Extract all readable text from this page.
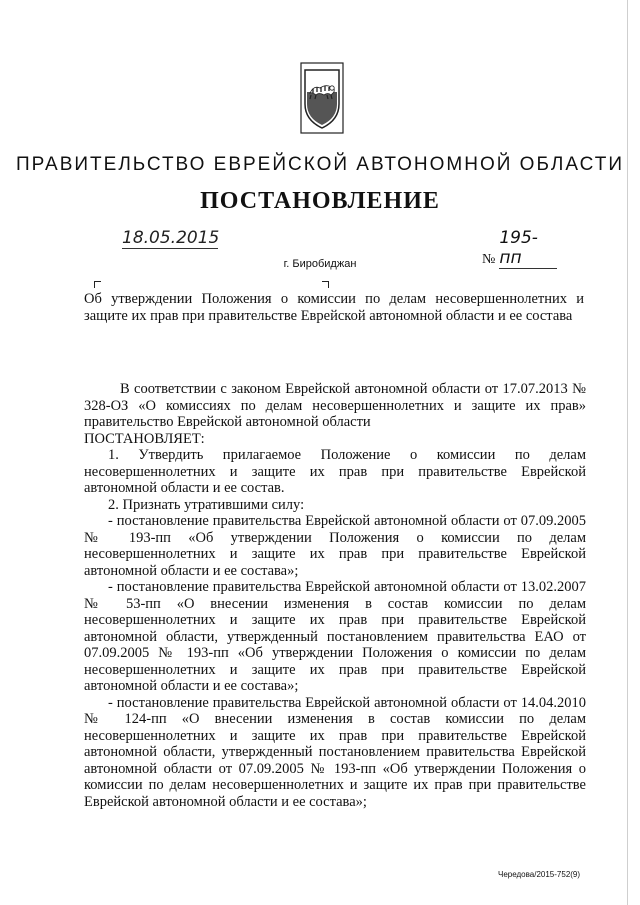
ПРАВИТЕЛЬСТВО ЕВРЕЙСКОЙ АВТОНОМНОЙ ОБЛАСТИ
ПОСТАНОВЛЕНИЕ
18.05.2015
№195-пп
г. Биробиджан
Об утверждении Положения о комиссии по делам несовершеннолетних и защите их прав при правительстве Еврейской автономной области и ее состава

В соответствии с законом Еврейской автономной области от 17.07.2013 № 328-ОЗ «О комиссиях по делам несовершеннолетних и защите их прав» правительство Еврейской автономной области

ПОСТАНОВЛЯЕТ:

1. Утвердить прилагаемое Положение о комиссии по делам несовершеннолетних и защите их прав при правительстве Еврейской автономной области и ее состав.

2. Признать утратившими силу:

- постановление правительства Еврейской автономной области от 07.09.2005 № 193-пп «Об утверждении Положения о комиссии по делам несовершеннолетних и защите их прав при правительстве Еврейской автономной области и ее состава»;

- постановление правительства Еврейской автономной области от 13.02.2007 № 53-пп «О внесении изменения в состав комиссии по делам несовершеннолетних и защите их прав при правительстве Еврейской автономной области, утвержденный постановлением правительства ЕАО от 07.09.2005 № 193-пп «Об утверждении Положения о комиссии по делам несовершеннолетних и защите их прав при правительстве Еврейской автономной области и ее состава»;

- постановление правительства Еврейской автономной области от 14.04.2010 № 124-пп «О внесении изменения в состав комиссии по делам несовершеннолетних и защите их прав при правительстве Еврейской автономной области, утвержденный постановлением правительства Еврейской автономной области от 07.09.2005 № 193-пп «Об утверждении Положения о комиссии по делам несовершеннолетних и защите их прав при правительстве Еврейской автономной области и ее состава»;

Чередова/2015-752(9)
